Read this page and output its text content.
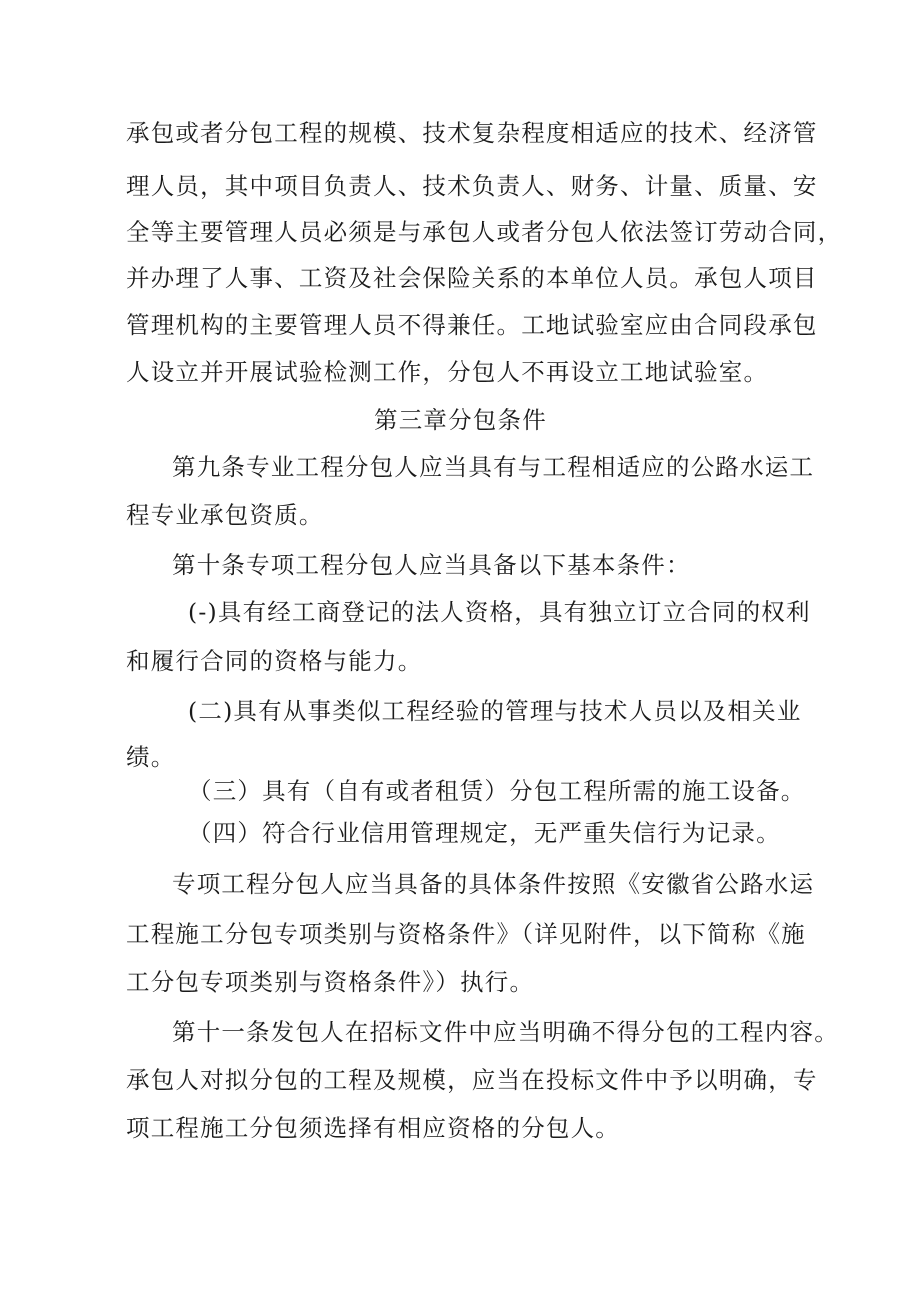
承包或者分包工程的规模、技术复杂程度相适应的技术、经济管
理人员，其中项目负责人、技术负责人、财务、计量、质量、安
全等主要管理人员必须是与承包人或者分包人依法签订劳动合同，
并办理了人事、工资及社会保险关系的本单位人员。承包人项目
管理机构的主要管理人员不得兼任。工地试验室应由合同段承包
人设立并开展试验检测工作，分包人不再设立工地试验室。
第三章分包条件
第九条专业工程分包人应当具有与工程相适应的公路水运工
程专业承包资质。
第十条专项工程分包人应当具备以下基本条件：
(-)具有经工商登记的法人资格，具有独立订立合同的权利
和履行合同的资格与能力。
(二)具有从事类似工程经验的管理与技术人员以及相关业
绩。
（三）具有（自有或者租赁）分包工程所需的施工设备。
（四）符合行业信用管理规定，无严重失信行为记录。
专项工程分包人应当具备的具体条件按照《安徽省公路水运
工程施工分包专项类别与资格条件》（详见附件，以下简称《施
工分包专项类别与资格条件》）执行。
第十一条发包人在招标文件中应当明确不得分包的工程内容。
承包人对拟分包的工程及规模，应当在投标文件中予以明确，专
项工程施工分包须选择有相应资格的分包人。
